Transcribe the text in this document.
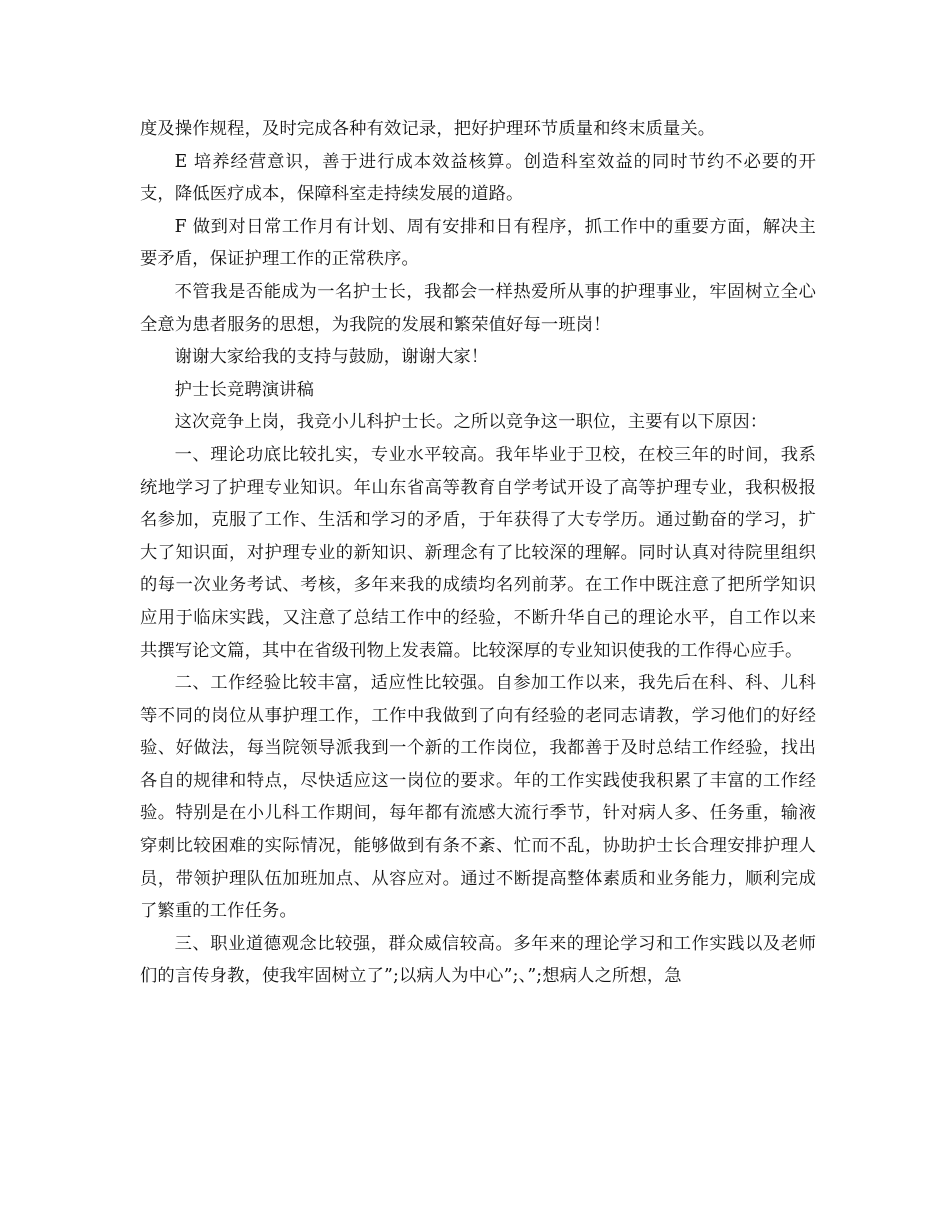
度及操作规程，及时完成各种有效记录，把好护理环节质量和终末质量关。

E 培养经营意识，善于进行成本效益核算。创造科室效益的同时节约不必要的开支，降低医疗成本，保障科室走持续发展的道路。

F 做到对日常工作月有计划、周有安排和日有程序，抓工作中的重要方面，解决主要矛盾，保证护理工作的正常秩序。

不管我是否能成为一名护士长，我都会一样热爱所从事的护理事业，牢固树立全心全意为患者服务的思想，为我院的发展和繁荣值好每一班岗！

谢谢大家给我的支持与鼓励，谢谢大家！

护士长竞聘演讲稿

这次竞争上岗，我竞小儿科护士长。之所以竞争这一职位，主要有以下原因：

一、理论功底比较扎实，专业水平较高。我年毕业于卫校，在校三年的时间，我系统地学习了护理专业知识。年山东省高等教育自学考试开设了高等护理专业，我积极报名参加，克服了工作、生活和学习的矛盾，于年获得了大专学历。通过勤奋的学习，扩大了知识面，对护理专业的新知识、新理念有了比较深的理解。同时认真对待院里组织的每一次业务考试、考核，多年来我的成绩均名列前茅。在工作中既注意了把所学知识应用于临床实践，又注意了总结工作中的经验，不断升华自己的理论水平，自工作以来共撰写论文篇，其中在省级刊物上发表篇。比较深厚的专业知识使我的工作得心应手。

二、工作经验比较丰富，适应性比较强。自参加工作以来，我先后在科、科、儿科等不同的岗位从事护理工作，工作中我做到了向有经验的老同志请教，学习他们的好经验、好做法，每当院领导派我到一个新的工作岗位，我都善于及时总结工作经验，找出各自的规律和特点，尽快适应这一岗位的要求。年的工作实践使我积累了丰富的工作经验。特别是在小儿科工作期间，每年都有流感大流行季节，针对病人多、任务重，输液穿刺比较困难的实际情况，能够做到有条不紊、忙而不乱，协助护士长合理安排护理人员，带领护理队伍加班加点、从容应对。通过不断提高整体素质和业务能力，顺利完成了繁重的工作任务。

三、职业道德观念比较强，群众威信较高。多年来的理论学习和工作实践以及老师们的言传身教，使我牢固树立了”;以病人为中心”;、”;想病人之所想，急
